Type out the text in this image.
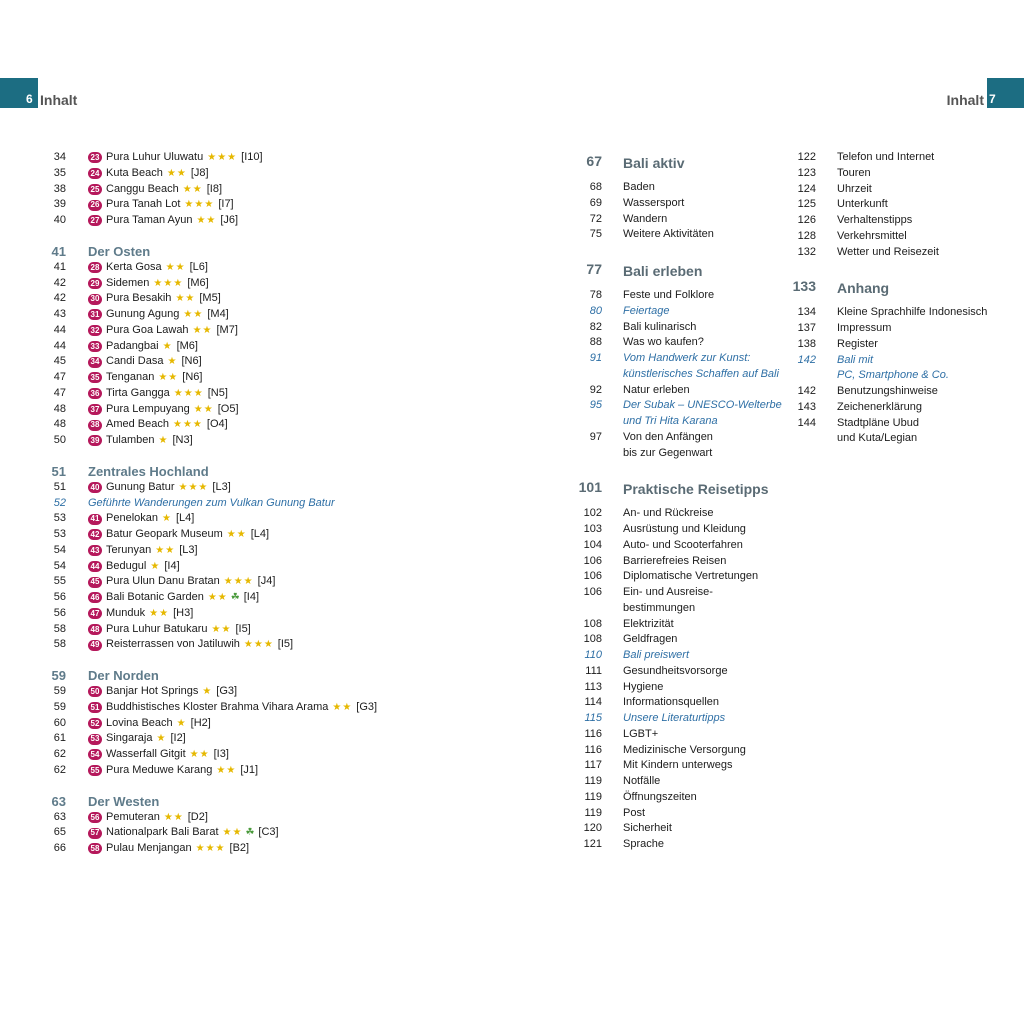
6 Inhalt	Inhalt 7
34	23 Pura Luhur Uluwatu ★★★ [I10]
35	24 Kuta Beach ★★ [J8]
38	25 Canggu Beach ★★ [I8]
39	26 Pura Tanah Lot ★★★ [I7]
40	27 Pura Taman Ayun ★★ [J6]
41 Der Osten
41	28 Kerta Gosa ★★ [L6]
42	29 Sidemen ★★★ [M6]
42	30 Pura Besakih ★★ [M5]
43	31 Gunung Agung ★★ [M4]
44	32 Pura Goa Lawah ★★ [M7]
44	33 Padangbai ★ [M6]
45	34 Candi Dasa ★ [N6]
47	35 Tenganan ★★ [N6]
47	36 Tirta Gangga ★★★ [N5]
48	37 Pura Lempuyang ★★ [O5]
48	38 Amed Beach ★★★ [O4]
50	39 Tulamben ★ [N3]
51 Zentrales Hochland
51	40 Gunung Batur ★★★ [L3]
52 Geführte Wanderungen zum Vulkan Gunung Batur
53	41 Penelokan ★ [L4]
53	42 Batur Geopark Museum ★★ [L4]
54	43 Terunyan ★★ [L3]
54	44 Bedugul ★ [I4]
55	45 Pura Ulun Danu Bratan ★★★ [J4]
56	46 Bali Botanic Garden ★★ ☘ [I4]
56	47 Munduk ★★ [H3]
58	48 Pura Luhur Batukaru ★★ [I5]
58	49 Reisterrassen von Jatiluwih ★★★ [I5]
59 Der Norden
59	50 Banjar Hot Springs ★ [G3]
59	51 Buddhistisches Kloster Brahma Vihara Arama ★★ [G3]
60	52 Lovina Beach ★ [H2]
61	53 Singaraja ★ [I2]
62	54 Wasserfall Gitgit ★★ [I3]
62	55 Pura Meduwe Karang ★★ [J1]
63 Der Westen
63	56 Pemuteran ★★ [D2]
65	57 Nationalpark Bali Barat ★★ ☘ [C3]
66	58 Pulau Menjangan ★★★ [B2]
67 Bali aktiv
68 Baden
69 Wassersport
72 Wandern
75 Weitere Aktivitäten
77 Bali erleben
78 Feste und Folklore
80 Feiertage
82 Bali kulinarisch
88 Was wo kaufen?
91 Vom Handwerk zur Kunst:
künstlerisches Schaffen auf Bali
92 Natur erleben
95 Der Subak – UNESCO-Welterbe
und Tri Hita Karana
97 Von den Anfängen
bis zur Gegenwart
101 Praktische Reisetipps
102 An- und Rückreise
103 Ausrüstung und Kleidung
104 Auto- und Scooterfahren
106 Barrierefreies Reisen
106 Diplomatische Vertretungen
106 Ein- und Ausreise-
bestimmungen
108 Elektrizität
108 Geldfragen
110 Bali preiswert
111 Gesundheitsvorsorge
113 Hygiene
114 Informationsquellen
115 Unsere Literaturtipps
116 LGBT+
116 Medizinische Versorgung
117 Mit Kindern unterwegs
119 Notfälle
119 Öffnungszeiten
119 Post
120 Sicherheit
121 Sprache
122 Telefon und Internet
123 Touren
124 Uhrzeit
125 Unterkunft
126 Verhaltenstipps
128 Verkehrsmittel
132 Wetter und Reisezeit
133 Anhang
134 Kleine Sprachhilfe Indonesisch
137 Impressum
138 Register
142 Bali mit
PC, Smartphone & Co.
142 Benutzungshinweise
143 Zeichenerklärung
144 Stadtpläne Ubud
und Kuta/Legian
